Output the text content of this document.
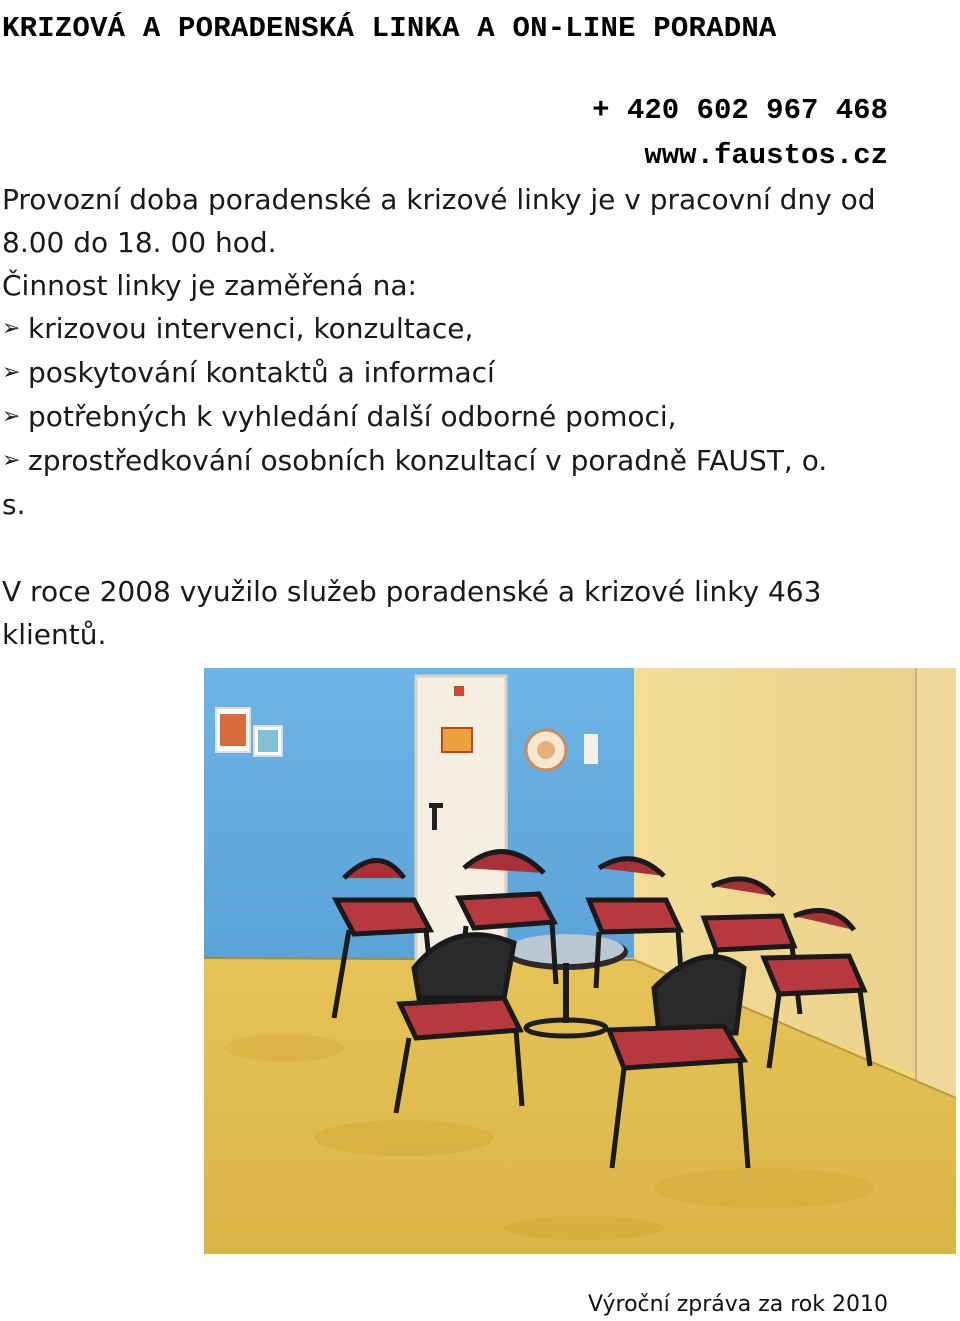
KRIZOVÁ A PORADENSKÁ LINKA A ON-LINE PORADNA
+ 420 602 967 468
www.faustos.cz

Provozní doba poradenské a krizové linky je v pracovní dny od 8.00 do 18. 00 hod.

Činnost linky je zaměřená na:

➢ krizovou intervenci, konzultace,
➢ poskytování kontaktů a informací
➢ potřebných k vyhledání další odborné pomoci,
➢ zprostředkování osobních konzultací v poradně FAUST, o.
s.

V roce 2008 využilo služeb poradenské a krizové linky 463 klientů.

Výroční zpráva za rok 2010
